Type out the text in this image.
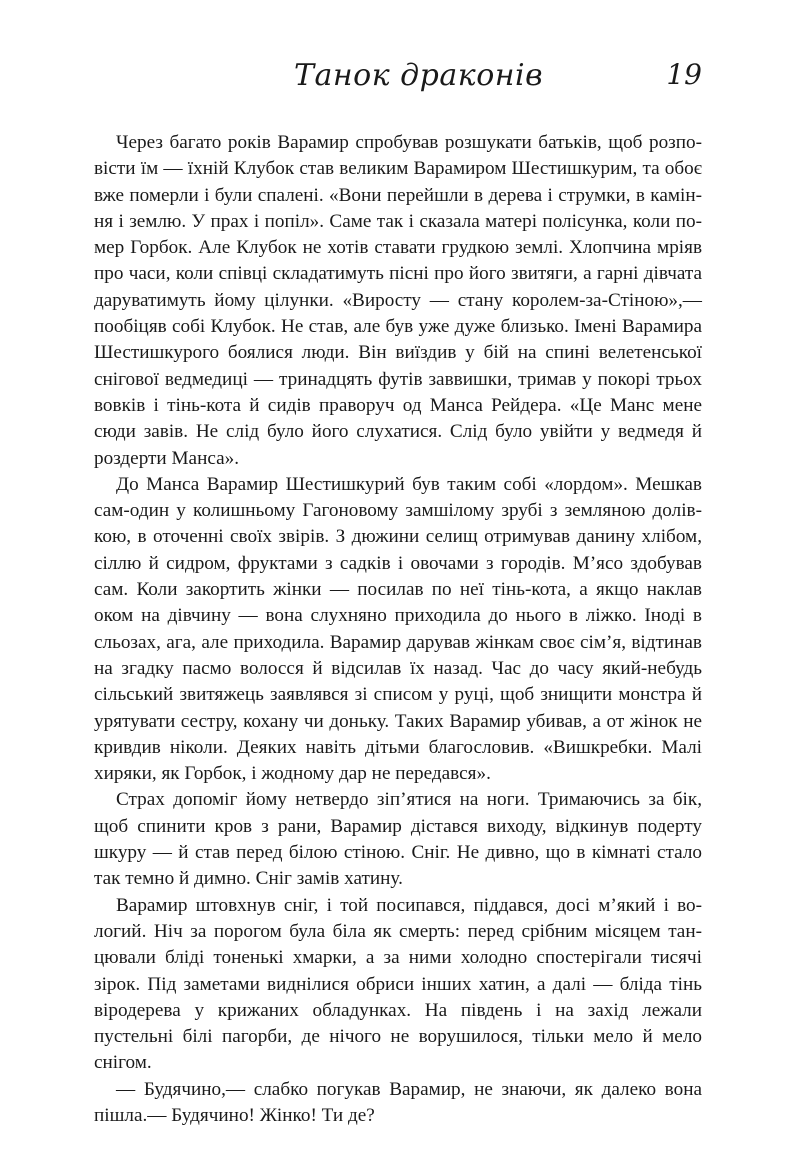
Танок драконів	19

Через багато років Варамир спробував розшукати батьків, щоб розповісти їм — їхній Клубок став великим Варамиром Шестишкурим, та обоє вже померли і були спалені. «Вони перейшли в дерева і струмки, в каміння і землю. У прах і попіл». Саме так і сказала матері полісунка, коли помер Горбок. Але Клубок не хотів ставати грудкою землі. Хлопчина мріяв про часи, коли співці складатимуть пісні про його звитяги, а гарні дівчата даруватимуть йому цілунки. «Виросту — стану королем-за-Стіною»,— пообіцяв собі Клубок. Не став, але був уже дуже близько. Імені Варамира Шестишкурого боялися люди. Він виїздив у бій на спині велетенської снігової ведмедиці — тринадцять футів заввишки, тримав у покорі трьох вовків і тінь-кота й сидів праворуч од Манса Рейдера. «Це Манс мене сюди завів. Не слід було його слухатися. Слід було увійти у ведмедя й роздерти Манса».

До Манса Варамир Шестишкурий був таким собі «лордом». Мешкав сам-один у колишньому Гагоновому замшілому зрубі з земляною долівкою, в оточенні своїх звірів. З дюжини селищ отримував данину хлібом, сіллю й сидром, фруктами з садків і овочами з городів. М’ясо здобував сам. Коли закортить жінки — посилав по неї тінь-кота, а якщо наклав оком на дівчину — вона слухняно приходила до нього в ліжко. Іноді в сльозах, ага, але приходила. Варамир дарував жінкам своє сім’я, відтинав на згадку пасмо волосся й відсилав їх назад. Час до часу який-небудь сільський звитяжець заявлявся зі списом у руці, щоб знищити монстра й урятувати сестру, кохану чи доньку. Таких Варамир убивав, а от жінок не кривдив ніколи. Деяких навіть дітьми благословив. «Вишкребки. Малі хиряки, як Горбок, і жодному дар не передався».

Страх допоміг йому нетвердо зіп’ятися на ноги. Тримаючись за бік, щоб спинити кров з рани, Варамир дістався виходу, відкинув подерту шкуру — й став перед білою стіною. Сніг. Не дивно, що в кімнаті стало так темно й димно. Сніг замів хатину.

Варамир штовхнув сніг, і той посипався, піддався, досі м’який і вологий. Ніч за порогом була біла як смерть: перед срібним місяцем танцювали бліді тоненькі хмарки, а за ними холодно спостерігали тисячі зірок. Під заметами виднілися обриси інших хатин, а далі — бліда тінь віродерева у крижаних обладунках. На південь і на захід лежали пустельні білі пагорби, де нічого не ворушилося, тільки мело й мело снігом.

— Будячино,— слабко погукав Варамир, не знаючи, як далеко вона пішла.— Будячино! Жінко! Ти де?
